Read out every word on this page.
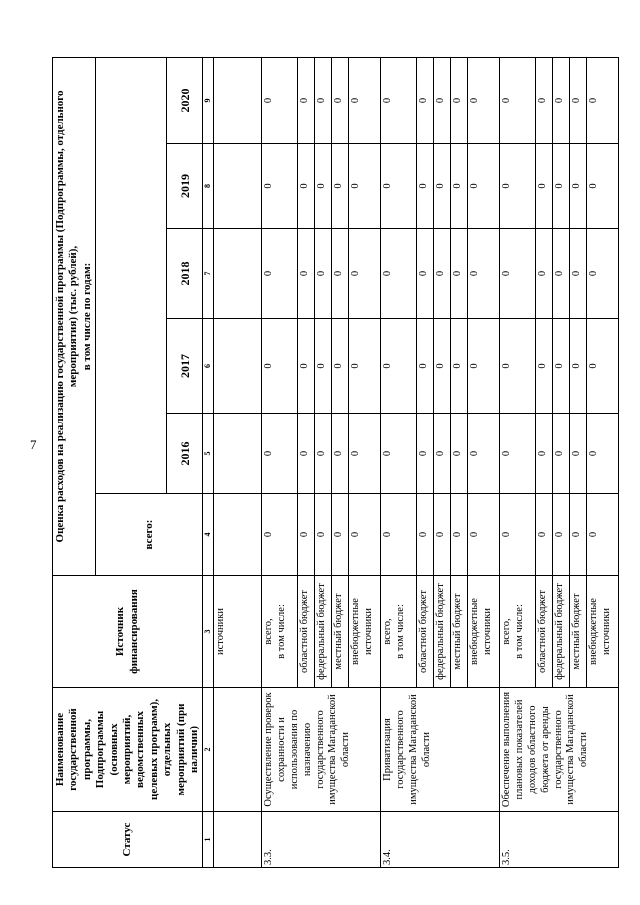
7
Статус	Наименование государственной программы, Подпрограммы (основных мероприятий, ведомственных целевых программ), отдельных мероприятий (при наличии)	Источник финансирования	Оценка расходов на реализацию государственной программы (Подпрограммы, отдельного мероприятия) (тыс. рублей),
в том числе по годам:					
			всего:					
				2016	2017	2018	2019	2020
1	2	3	4	5	6	7	8	9
		источники						
3.3.	Осуществление проверок сохранности и использования по назначению государственного имущества Магаданской области	всего,
в том числе:	0	0	0	0	0	0
		областной бюджет	0	0	0	0	0	0
		федеральный бюджет	0	0	0	0	0	0
		местный бюджет	0	0	0	0	0	0
		внебюджетные источники	0	0	0	0	0	0
3.4.	Приватизация государственного имущества Магаданской области	всего,
в том числе:	0	0	0	0	0	0
		областной бюджет	0	0	0	0	0	0
		федеральный бюджет	0	0	0	0	0	0
		местный бюджет	0	0	0	0	0	0
		внебюджетные источники	0	0	0	0	0	0
3.5.	Обеспечение выполнения плановых показателей доходов областного бюджета от аренды государственного имущества Магаданской области	всего,
в том числе:	0	0	0	0	0	0
		областной бюджет	0	0	0	0	0	0
		федеральный бюджет	0	0	0	0	0	0
		местный бюджет	0	0	0	0	0	0
		внебюджетные источники	0	0	0	0	0	0
